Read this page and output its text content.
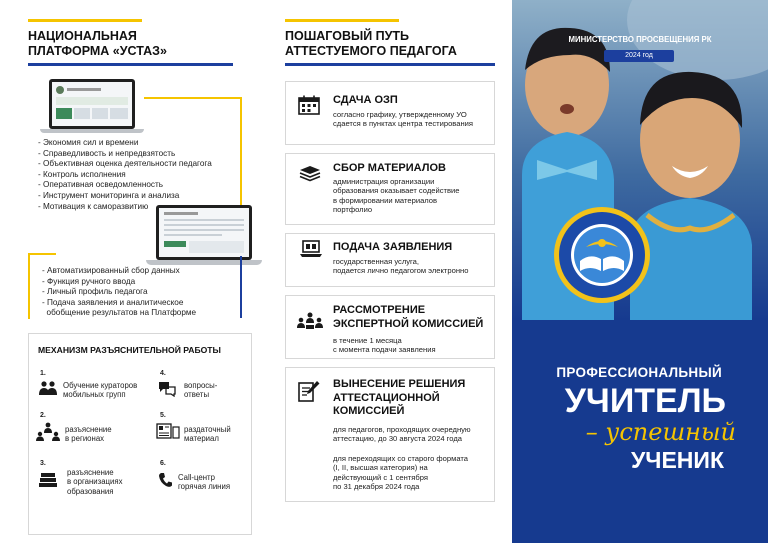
НАЦИОНАЛЬНАЯ
ПЛАТФОРМА «УСТАЗ»
- Экономия сил и времени
- Справедливость и непредвзятость
- Объективная оценка деятельности педагога
- Контроль исполнения
- Оперативная осведомленность
- Инструмент мониторинга и анализа
- Мотивация к саморазвитию
- Автоматизированный сбор данных
- Функция ручного ввода
- Личный профиль педагога
- Подача заявления и аналитическое
обобщение результатов на Платформе
МЕХАНИЗМ РАЗЪЯСНИТЕЛЬНОЙ РАБОТЫ
1.
Обучение кураторов
мобильных групп
4.
вопросы-
ответы
2.
разъяснение
в регионах
5.
раздаточный
материал
3.
разъяснение
в организациях
образования
6.
Call-центр
горячая линия
ПОШАГОВЫЙ ПУТЬ
АТТЕСТУЕМОГО ПЕДАГОГА
СДАЧА ОЗП
согласно графику, утвержденному УО
сдается в пунктах центра тестирования
СБОР МАТЕРИАЛОВ
администрация организации
образования оказывает содействие
в формировании материалов
портфолио
ПОДАЧА ЗАЯВЛЕНИЯ
государственная услуга,
подается лично педагогом электронно
РАССМОТРЕНИЕ
ЭКСПЕРТНОЙ КОМИССИЕЙ
в течение 1 месяца
с момента подачи заявления
ВЫНЕСЕНИЕ РЕШЕНИЯ
АТТЕСТАЦИОННОЙ
КОМИССИЕЙ
для педагогов, проходящих очередную
аттестацию, до 30 августа 2024 года
для переходящих со старого формата
(I, II, высшая категория) на
действующий с 1 сентября
по 31 декабря 2024 года
МИНИСТЕРСТВО ПРОСВЕЩЕНИЯ РК
2024 год
ПРОФЕССИОНАЛЬНЫЙ
УЧИТЕЛЬ
– успешный
УЧЕНИК
